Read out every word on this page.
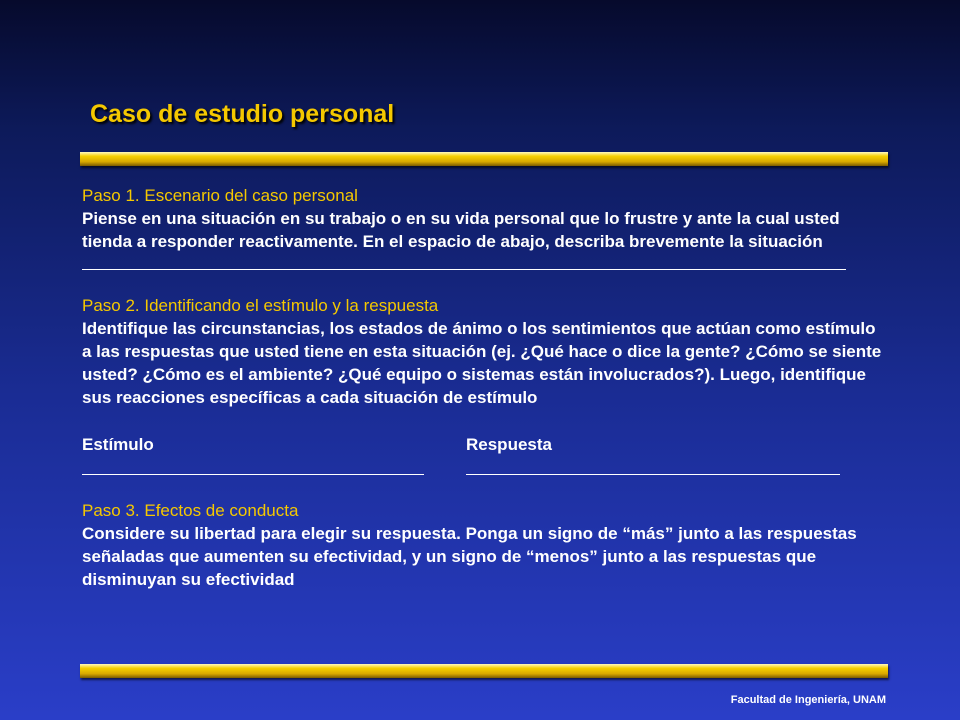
Caso de estudio personal

Paso 1. Escenario del caso personal

Piense en una situación en su trabajo o en su vida personal que lo frustre y ante la cual usted tienda a responder reactivamente. En el espacio de abajo, describa brevemente la situación

Paso 2. Identificando el estímulo y la respuesta

Identifique las circunstancias, los estados de ánimo o los sentimientos que actúan como estímulo a las respuestas que usted tiene en esta situación (ej. ¿Qué hace o dice la gente? ¿Cómo se siente usted? ¿Cómo es el ambiente? ¿Qué equipo o sistemas están involucrados?). Luego, identifique sus reacciones específicas a cada situación de estímulo

Estímulo	Respuesta

Paso 3. Efectos de conducta

Considere su libertad para elegir su respuesta. Ponga un signo de “más” junto a las respuestas señaladas que aumenten su efectividad, y un signo de “menos” junto a las respuestas que disminuyan su efectividad

Facultad de Ingeniería, UNAM
